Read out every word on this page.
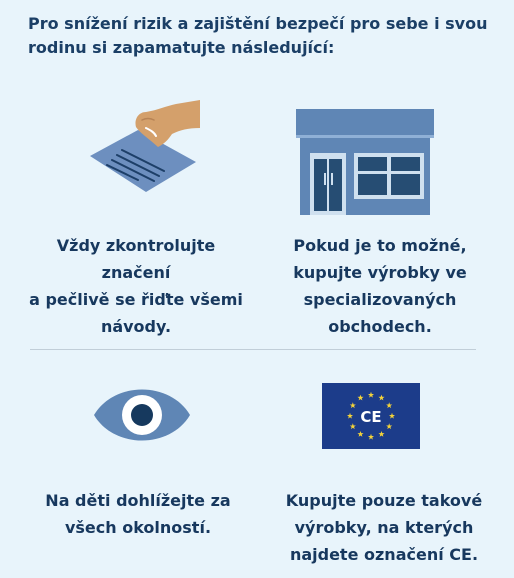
Pro snížení rizik a zajištění bezpečí pro sebe i svou rodinu si zapamatujte následující:
Vždy zkontrolujte značení
a pečlivě se řiďte všemi
návody.
Pokud je to možné,
kupujte výrobky ve
specializovaných
obchodech.
CE
Na děti dohlížejte za
všech okolností.
Kupujte pouze takové
výrobky, na kterých
najdete označení CE.
